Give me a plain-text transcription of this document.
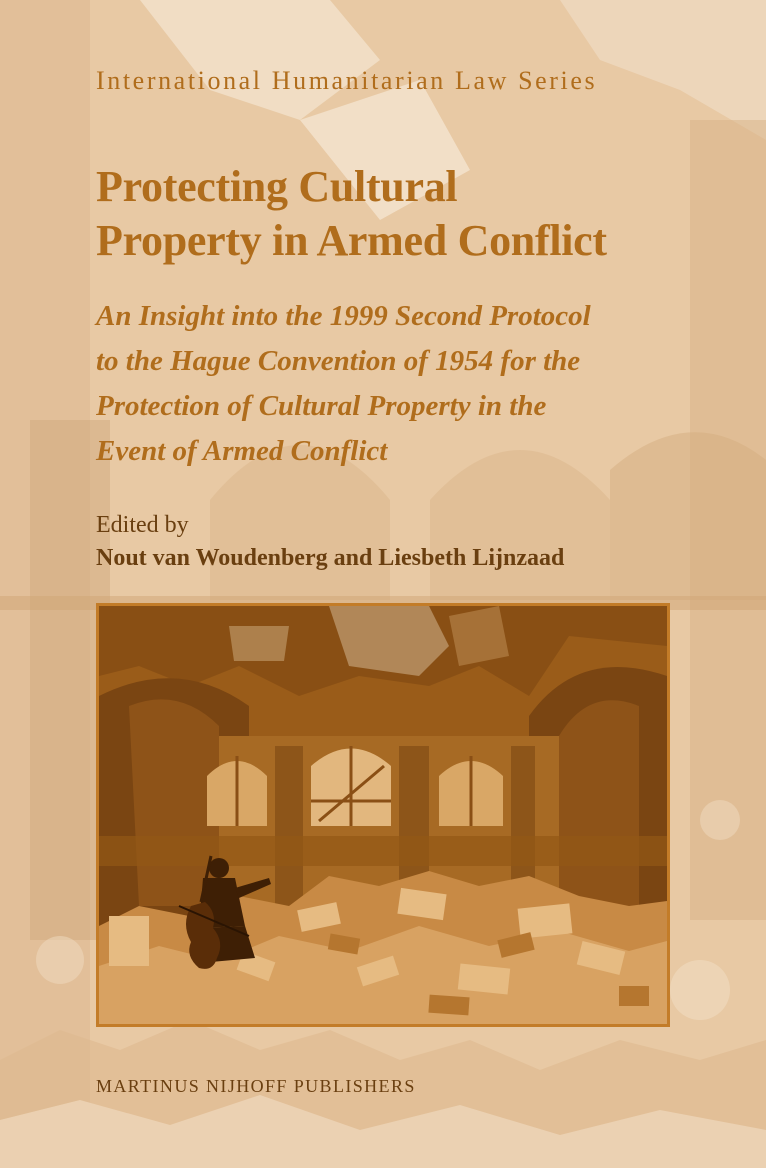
International Humanitarian Law Series
Protecting Cultural
Property in Armed Conflict
An Insight into the 1999 Second Protocol
to the Hague Convention of 1954 for the
Protection of Cultural Property in the
Event of Armed Conflict
Edited by
Nout van Woudenberg and Liesbeth Lijnzaad
MARTINUS NIJHOFF PUBLISHERS
